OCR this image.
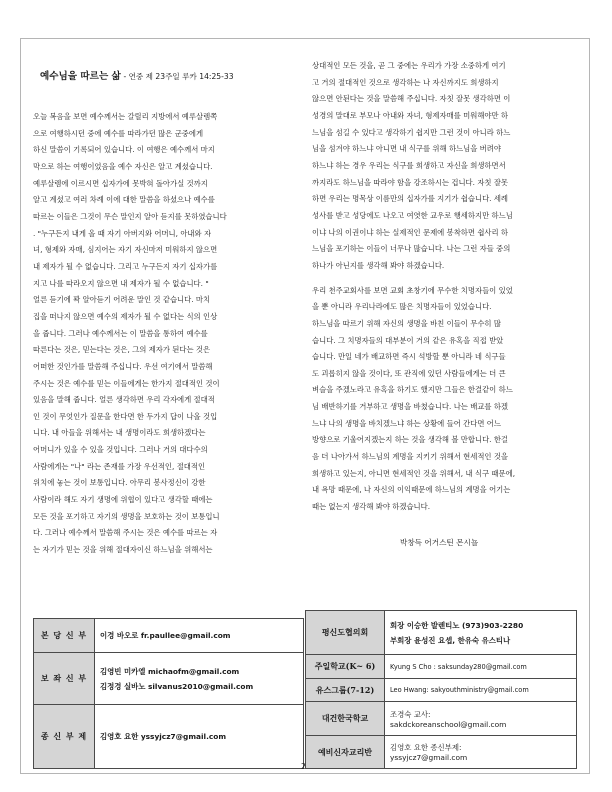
예수님을 따르는 삶 - 연중 제 23주일 루카 14:25-33

오늘 복음을 보면 예수께서는 갈릴리 지방에서 예루살렘쪽

으로 여행하시던 중에 예수를 따라가던 많은 군중에게

하신 말씀이 기록되어 있습니다. 이 여행은 예수께서 마지

막으로 하는 여행이었음을 예수 자신은 알고 계셨습니다.

예루살렘에 이르시면 십자가에 못박혀 돌아가실 것까지

알고 계셨고 여러 차례 이에 대한 말씀을 하셨으나 예수를

따르는 이들은 그것이 무슨 말인지 알아 듣지를 못하였습니다

. "누구든지 내게 올 때 자기 아버지와 어머니, 아내와 자

녀, 형제와 자매, 심지어는 자기 자신마저 미워하지 않으면

내 제자가 될 수 없습니다. 그리고 누구든지 자기 십자가를

지고 나를 따라오지 않으면 내 제자가 될 수 없습니다. "

얼른 듣기에 꽉 알아듣기 어려운 말인 것 같습니다. 마치

집을 떠나지 않으면 예수의 제자가 될 수 없다는 식의 인상

을 줍니다. 그러나 예수께서는 이 말씀을 통하여 예수를

따른다는 것은, 믿는다는 것은, 그의 제자가 된다는 것은

어떠한 것인가를 말씀해 주십니다. 우선 여기에서 말씀해

주시는 것은 예수를 믿는 이들에게는 한가지 절대적인 것이

있음을 말해 줍니다. 얼른 생각하면 우리 각자에게 절대적

인 것이 무엇인가 질문을 한다면 한 두가지 답이 나올 것입

니다. 내 아들을 위해서는 내 생명이라도 희생하겠다는

어머니가 있을 수 있을 것입니다. 그러나 거의 대다수의

사람에게는 "나" 라는 존재를 가장 우선적인, 절대적인

위치에 놓는 것이 보통입니다. 아무리 봉사정신이 강한

사람이라 해도 자기 생명에 위협이 있다고 생각할 때에는

모든 것을 포기하고 자기의 생명을 보호하는 것이 보통입니

다. 그러나 예수께서 말씀해 주시는 것은 예수를 따르는 자

는 자기가 믿는 것을 위해 절대자이신 하느님을 위해서는

상대적인 모든 것을, 곧 그 중에는 우리가 가장 소중하게 여기

고 거의 절대적인 것으로 생각하는 나 자신까지도 희생하지

않으면 안된다는 것을 말씀해 주십니다. 자칫 잘못 생각하면 이

성경의 말대로 부모나 아내와 자녀, 형제자매를 미워해야만 하

느님을 섬길 수 있다고 생각하기 쉽지만 그런 것이 아니라 하느

님을 섬겨야 하느냐 아니면 내 식구를 위해 하느님을 버려야

하느냐 하는 경우 우리는 식구를 희생하고 자신을 희생하면서

까지라도 하느님을 따라야 함을 강조하시는 겁니다. 자칫 잘못

하면 우리는 명목상 이름만의 십자가를 지기가 쉽습니다. 세례

성사를 받고 성당에도 나오고 여엿한 교우로 행세하지만 하느님

이냐 나의 이권이냐 하는 실제적인 문제에 봉착하면 쉽사리 하

느님을 포기하는 이들이 너무나 많습니다. 나는 그런 자들 중의

하나가 아닌지를 생각해 봐야 하겠습니다.

우리 천주교회사를 보면 교회 초창기에 무수한 치명자들이 있었

을 뿐 아니라 우리나라에도 많은 치명자들이 있었습니다.

하느님을 따르기 위해 자신의 생명을 바친 이들이 무수히 많

습니다. 그 치명자들의 대부분이 거의 같은 유혹을 직접 받았

습니다. 만일 네가 배교하면 즉시 석방할 뿐 아니라 네 식구들

도 괴롭히지 않을 것이다, 또 관직에 있던 사람들에게는 더 큰

벼슬을 주겠노라고 유혹을 하기도 했지만 그들은 한결같이 하느

님 배반하기를 거부하고 생명을 바쳤습니다. 나는 배교를 하겠

느냐 나의 생명을 바치겠느냐 하는 상황에 들어 간다면 어느

방향으로 기울어지겠는지 하는 것을 생각해 볼 만합니다. 한걸

음 더 나아가서 하느님의 계명을 지키기 위해서 현세적인 것을

희생하고 있는지, 아니면 현세적인 것을 위해서, 내 식구 때문에,

내 욕망 때문에, 나 자신의 이익때문에 하느님의 계명을 어기는

때는 없는지 생각해 봐야 하겠습니다.

박창득 어거스틴 몬시뇰
본 당 신 부	이경 바오로 fr.paullee@gmail.com

보 좌 신 부	김영빈 미카엘 michaofm@gmail.com
김정경 실바노 silvanus2010@gmail.com

종 신 부 제	김영호 요한 yssyjcz7@gmail.com
평신도협의회	회장 이승한 발렌티노 (973)903-2280
부회장 윤성진 요셉, 한유숙 유스티나

주일학교(K~ 6)	Kyung S Cho : saksunday280@gmail.com

유스그룹(7-12)	Leo Hwang: sakyouthministry@gmail.com

대건한국학교	조경숙 교사:
sakdckoreanschool@gmail.com

예비신자교리반	김영호 요한 종신부제:
yssyjcz7@gmail.com
2
